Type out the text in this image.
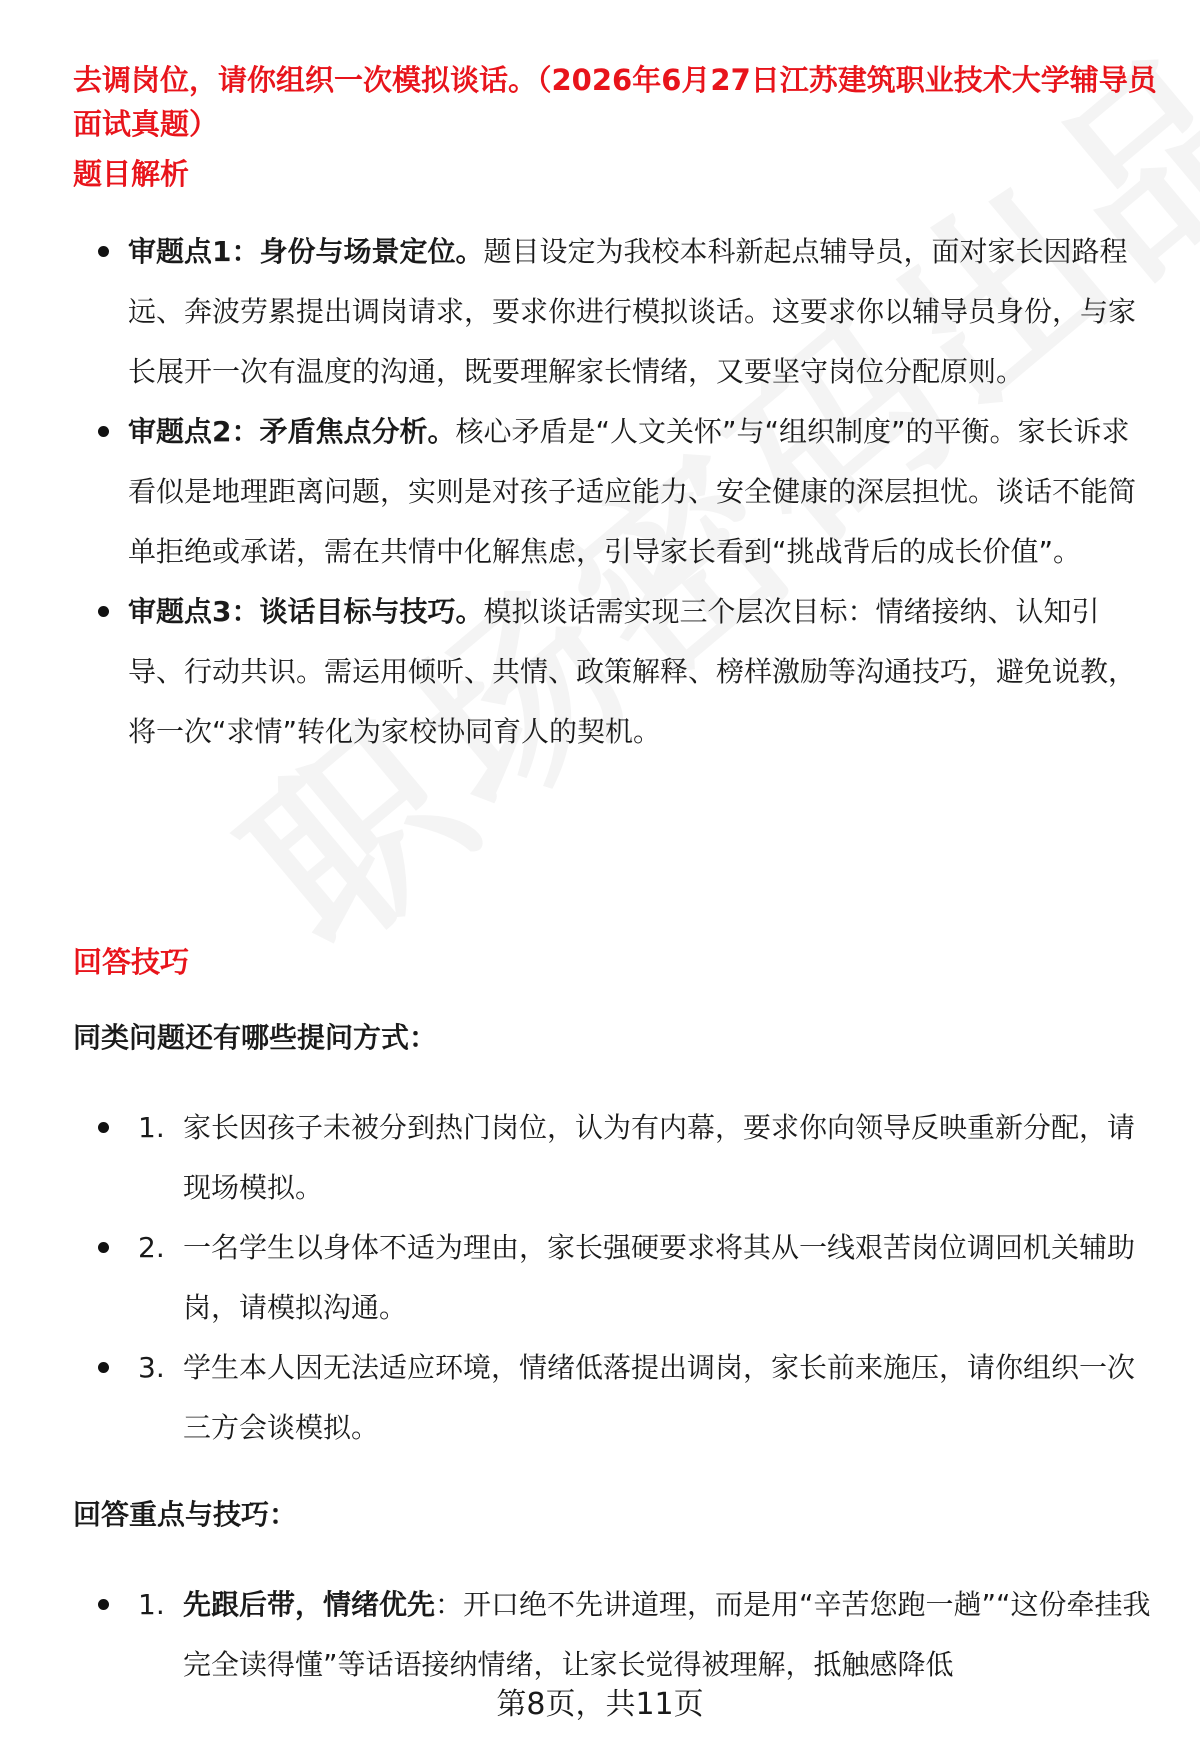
去调岗位，请你组织一次模拟谈话。（2026年6月27日江苏建筑职业技术大学辅导员面试真题）
题目解析
审题点1：身份与场景定位。题目设定为我校本科新起点辅导员，面对家长因路程远、奔波劳累提出调岗请求，要求你进行模拟谈话。这要求你以辅导员身份，与家长展开一次有温度的沟通，既要理解家长情绪，又要坚守岗位分配原则。
审题点2：矛盾焦点分析。核心矛盾是“人文关怀”与“组织制度”的平衡。家长诉求看似是地理距离问题，实则是对孩子适应能力、安全健康的深层担忧。谈话不能简单拒绝或承诺，需在共情中化解焦虑，引导家长看到“挑战背后的成长价值”。
审题点3：谈话目标与技巧。模拟谈话需实现三个层次目标：情绪接纳、认知引导、行动共识。需运用倾听、共情、政策解释、榜样激励等沟通技巧，避免说教，将一次“求情”转化为家校协同育人的契机。
回答技巧
同类问题还有哪些提问方式：
1. 家长因孩子未被分到热门岗位，认为有内幕，要求你向领导反映重新分配，请现场模拟。
2. 一名学生以身体不适为理由，家长强硬要求将其从一线艰苦岗位调回机关辅助岗，请模拟沟通。
3. 学生本人因无法适应环境，情绪低落提出调岗，家长前来施压，请你组织一次三方会谈模拟。
回答重点与技巧：
1. 先跟后带，情绪优先：开口绝不先讲道理，而是用“辛苦您跑一趟”“这份牵挂我完全读得懂”等话语接纳情绪，让家长觉得被理解，抵触感降低
第8页，共11页
